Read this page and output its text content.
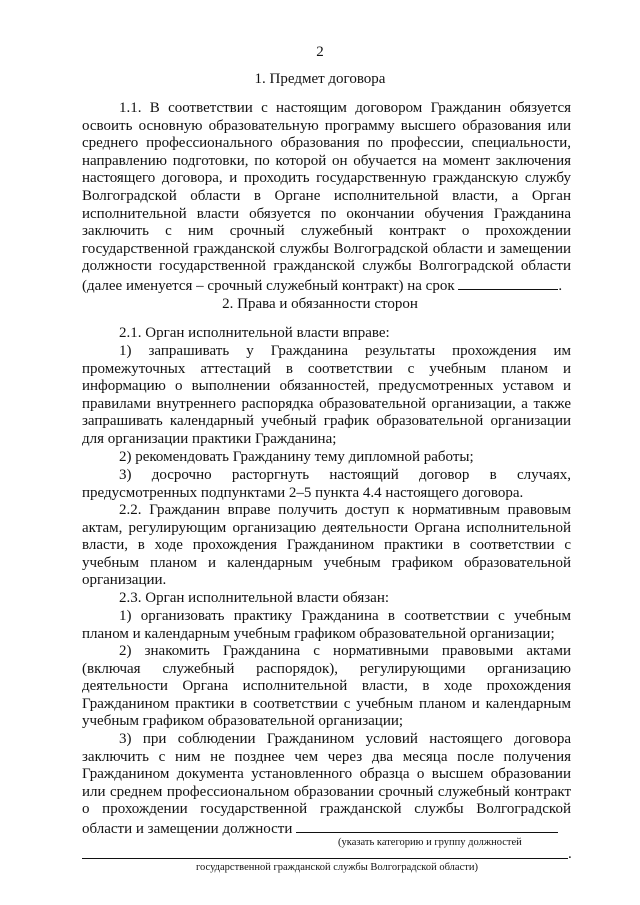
2
1. Предмет договора
1.1. В соответствии с настоящим договором Гражданин обязуется освоить основную образовательную программу высшего образования или среднего профессионального образования по профессии, специальности, направлению подготовки, по которой он обучается на момент заключения настоящего договора, и проходить государственную гражданскую службу Волгоградской области в Органе исполнительной власти, а Орган исполнительной власти обязуется по окончании обучения Гражданина заключить с ним срочный служебный контракт о прохождении государственной гражданской службы Волгоградской области и замещении должности государственной гражданской службы Волгоградской области (далее именуется – срочный служебный контракт) на срок	.
2. Права и обязанности сторон
2.1. Орган исполнительной власти вправе:
1) запрашивать у Гражданина результаты прохождения им промежуточных аттестаций в соответствии с учебным планом и информацию о выполнении обязанностей, предусмотренных уставом и правилами внутреннего распорядка образовательной организации, а также запрашивать календарный учебный график образовательной организации для организации практики Гражданина;
2) рекомендовать Гражданину тему дипломной работы;
3) досрочно расторгнуть настоящий договор в случаях, предусмотренных подпунктами 2–5 пункта 4.4 настоящего договора.
2.2. Гражданин вправе получить доступ к нормативным правовым актам, регулирующим организацию деятельности Органа исполнительной власти, в ходе прохождения Гражданином практики в соответствии с учебным планом и календарным учебным графиком образовательной организации.
2.3. Орган исполнительной власти обязан:
1) организовать практику Гражданина в соответствии с учебным планом и календарным учебным графиком образовательной организации;
2) знакомить Гражданина с нормативными правовыми актами (включая служебный распорядок), регулирующими организацию деятельности Органа исполнительной власти, в ходе прохождения Гражданином практики в соответствии с учебным планом и календарным учебным графиком образовательной организации;
3) при соблюдении Гражданином условий настоящего договора заключить с ним не позднее чем через два месяца после получения Гражданином документа установленного образца о высшем образовании или среднем профессиональном образовании срочный служебный контракт о прохождении государственной гражданской службы Волгоградской
области и замещении должности
(указать категорию и группу должностей
.
государственной гражданской службы Волгоградской области)
